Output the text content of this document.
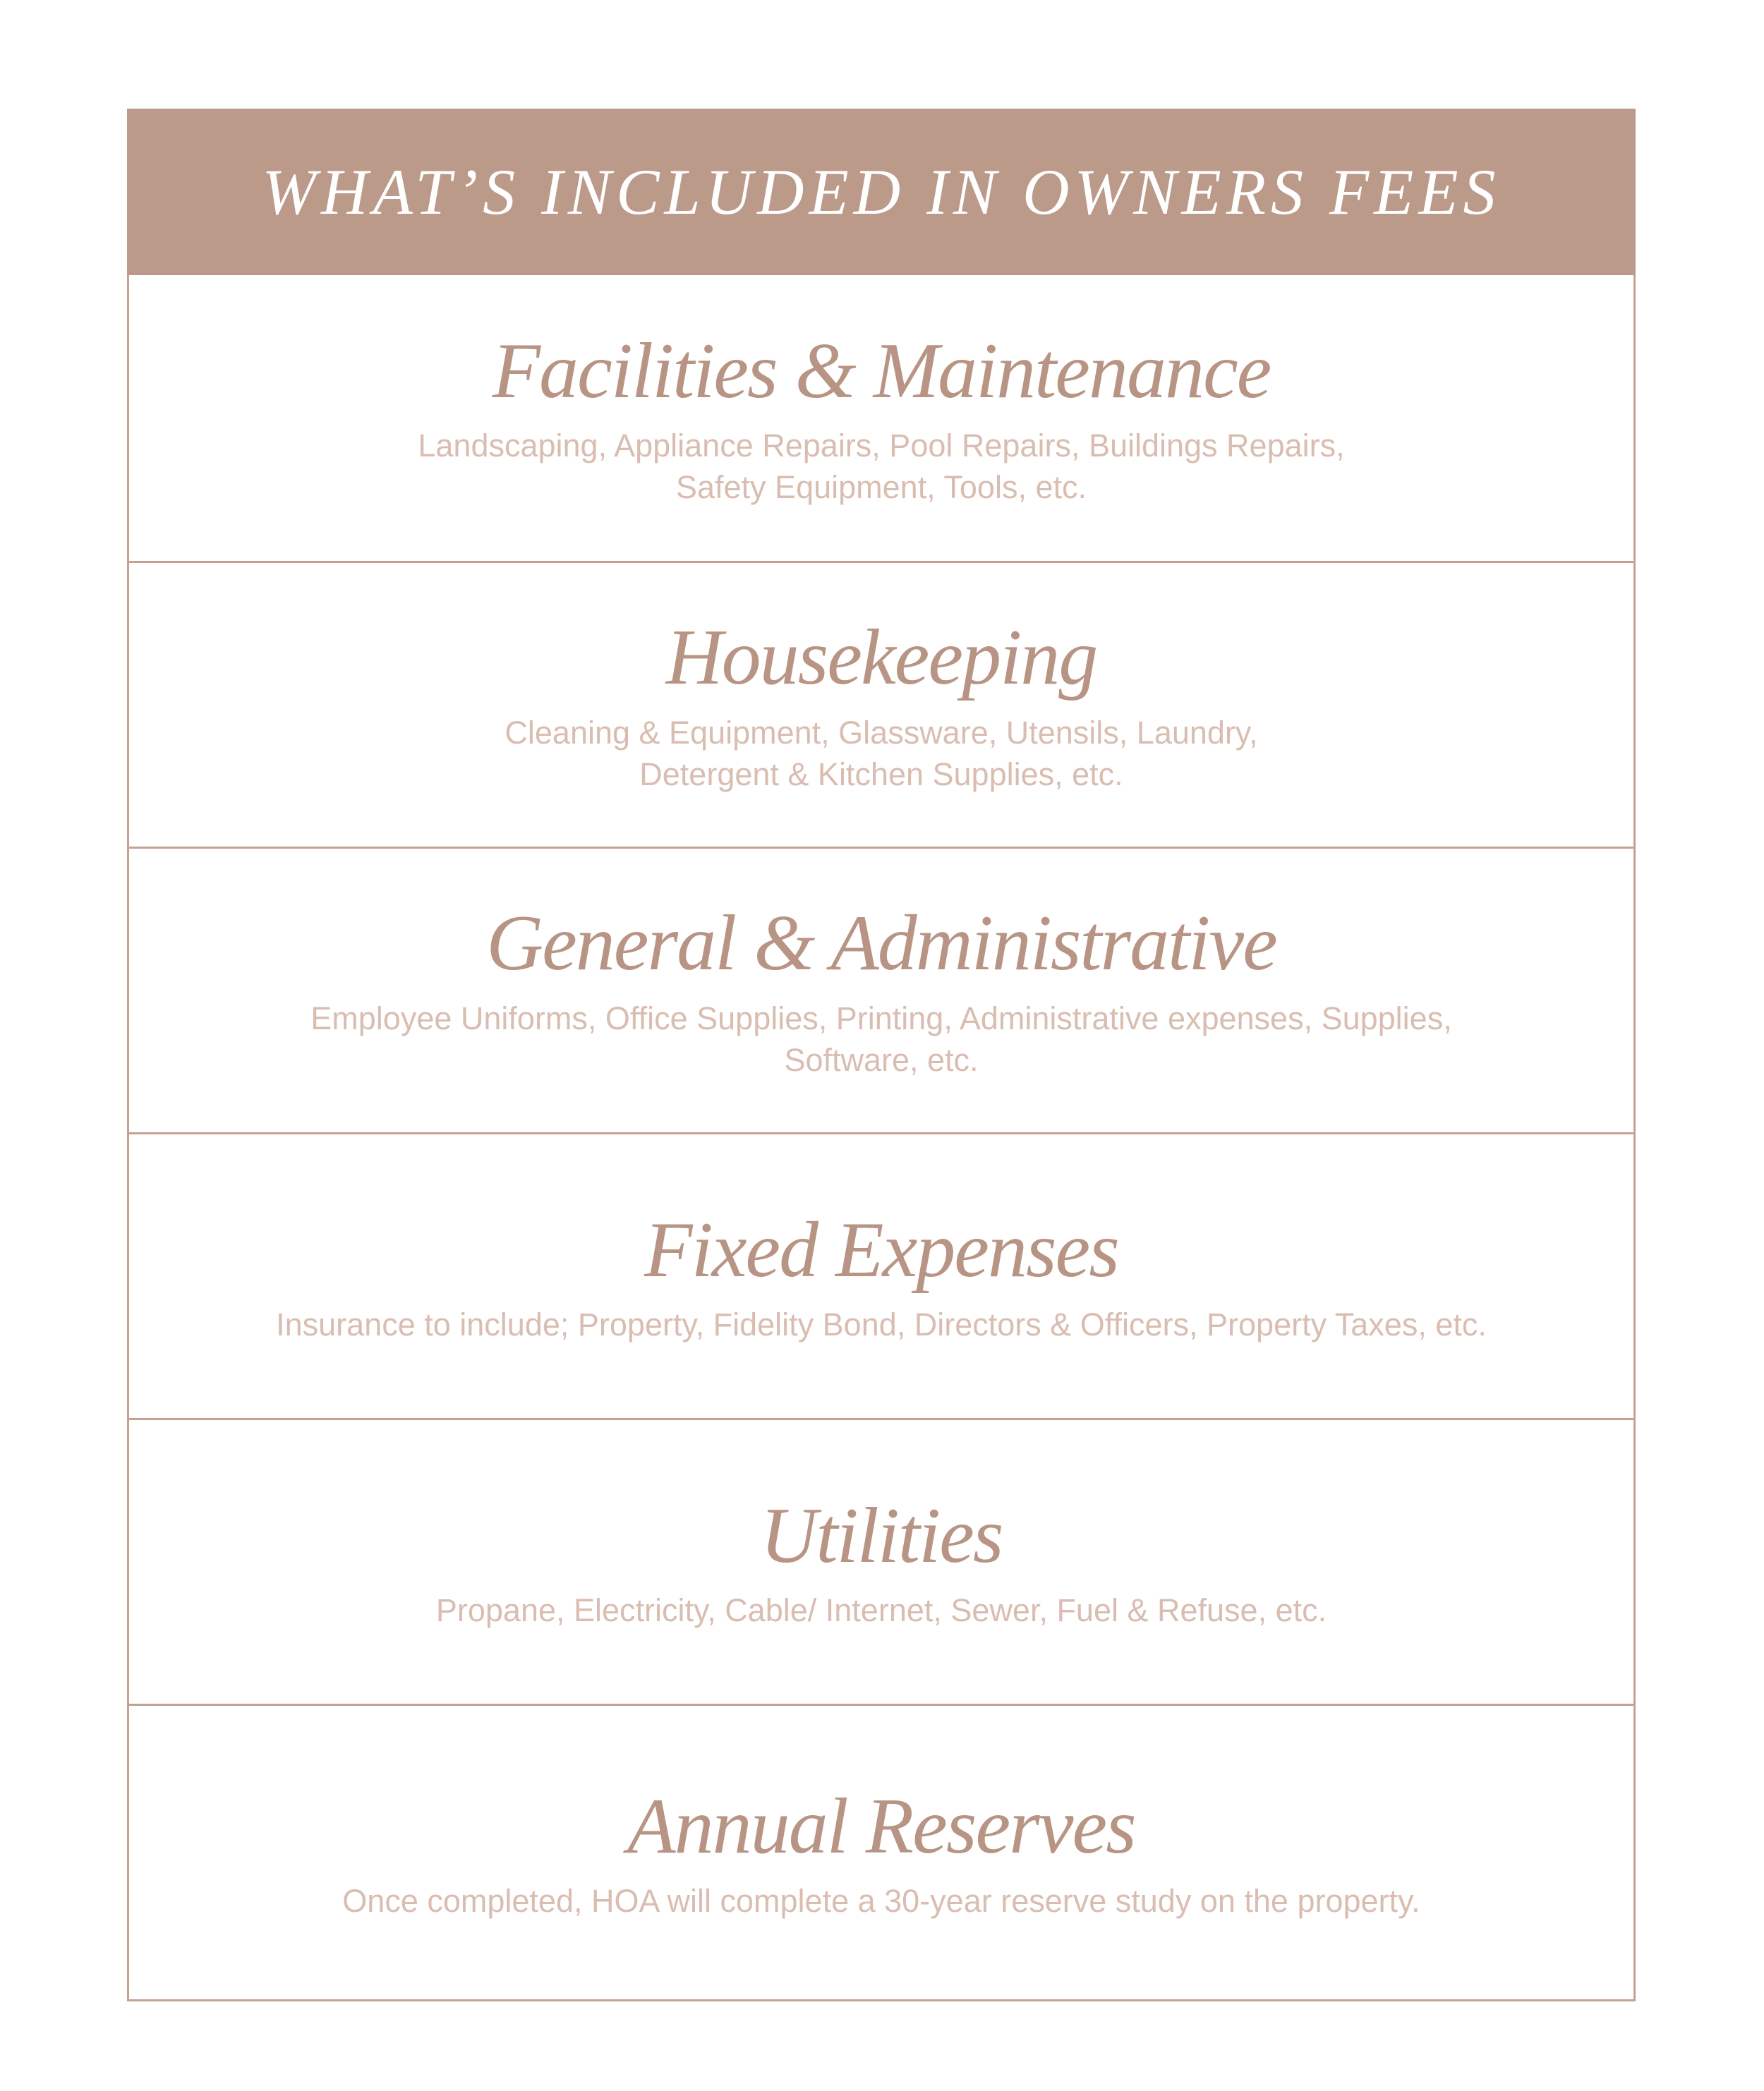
WHAT’S INCLUDED IN OWNERS FEES
Facilities & Maintenance
Landscaping, Appliance Repairs, Pool Repairs, Buildings Repairs,
Safety Equipment, Tools, etc.
Housekeeping
Cleaning & Equipment, Glassware, Utensils, Laundry,
Detergent & Kitchen Supplies, etc.
General & Administrative
Employee Uniforms, Office Supplies, Printing, Administrative expenses, Supplies,
Software, etc.
Fixed Expenses
Insurance to include; Property, Fidelity Bond, Directors & Officers, Property Taxes, etc.
Utilities
Propane, Electricity, Cable/ Internet, Sewer, Fuel & Refuse, etc.
Annual Reserves
Once completed, HOA will complete a 30-year reserve study on the property.
